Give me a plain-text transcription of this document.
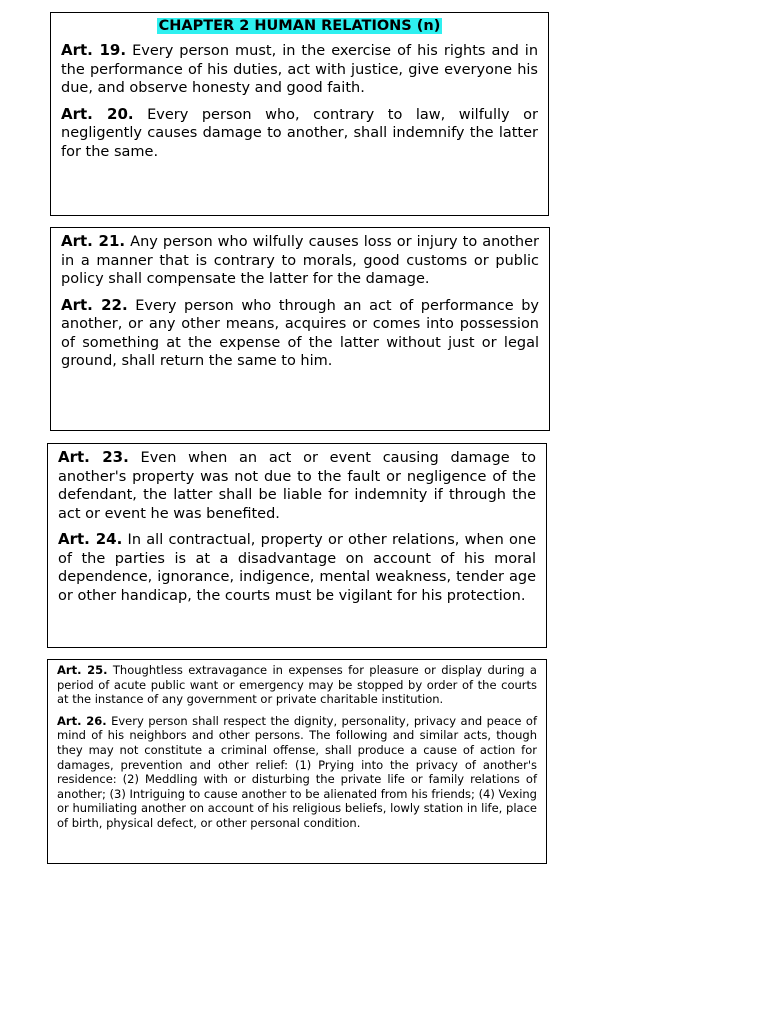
CHAPTER 2 HUMAN RELATIONS (n)

Art. 19. Every person must, in the exercise of his rights and in the performance of his duties, act with justice, give everyone his due, and observe honesty and good faith.

Art. 20. Every person who, contrary to law, wilfully or negligently causes damage to another, shall indemnify the latter for the same.

Art. 21. Any person who wilfully causes loss or injury to another in a manner that is contrary to morals, good customs or public policy shall compensate the latter for the damage.

Art. 22. Every person who through an act of performance by another, or any other means, acquires or comes into possession of something at the expense of the latter without just or legal ground, shall return the same to him.

Art. 23. Even when an act or event causing damage to another's property was not due to the fault or negligence of the defendant, the latter shall be liable for indemnity if through the act or event he was benefited.

Art. 24. In all contractual, property or other relations, when one of the parties is at a disadvantage on account of his moral dependence, ignorance, indigence, mental weakness, tender age or other handicap, the courts must be vigilant for his protection.

Art. 25. Thoughtless extravagance in expenses for pleasure or display during a period of acute public want or emergency may be stopped by order of the courts at the instance of any government or private charitable institution.

Art. 26. Every person shall respect the dignity, personality, privacy and peace of mind of his neighbors and other persons. The following and similar acts, though they may not constitute a criminal offense, shall produce a cause of action for damages, prevention and other relief: (1) Prying into the privacy of another's residence: (2) Meddling with or disturbing the private life or family relations of another; (3) Intriguing to cause another to be alienated from his friends; (4) Vexing or humiliating another on account of his religious beliefs, lowly station in life, place of birth, physical defect, or other personal condition.
